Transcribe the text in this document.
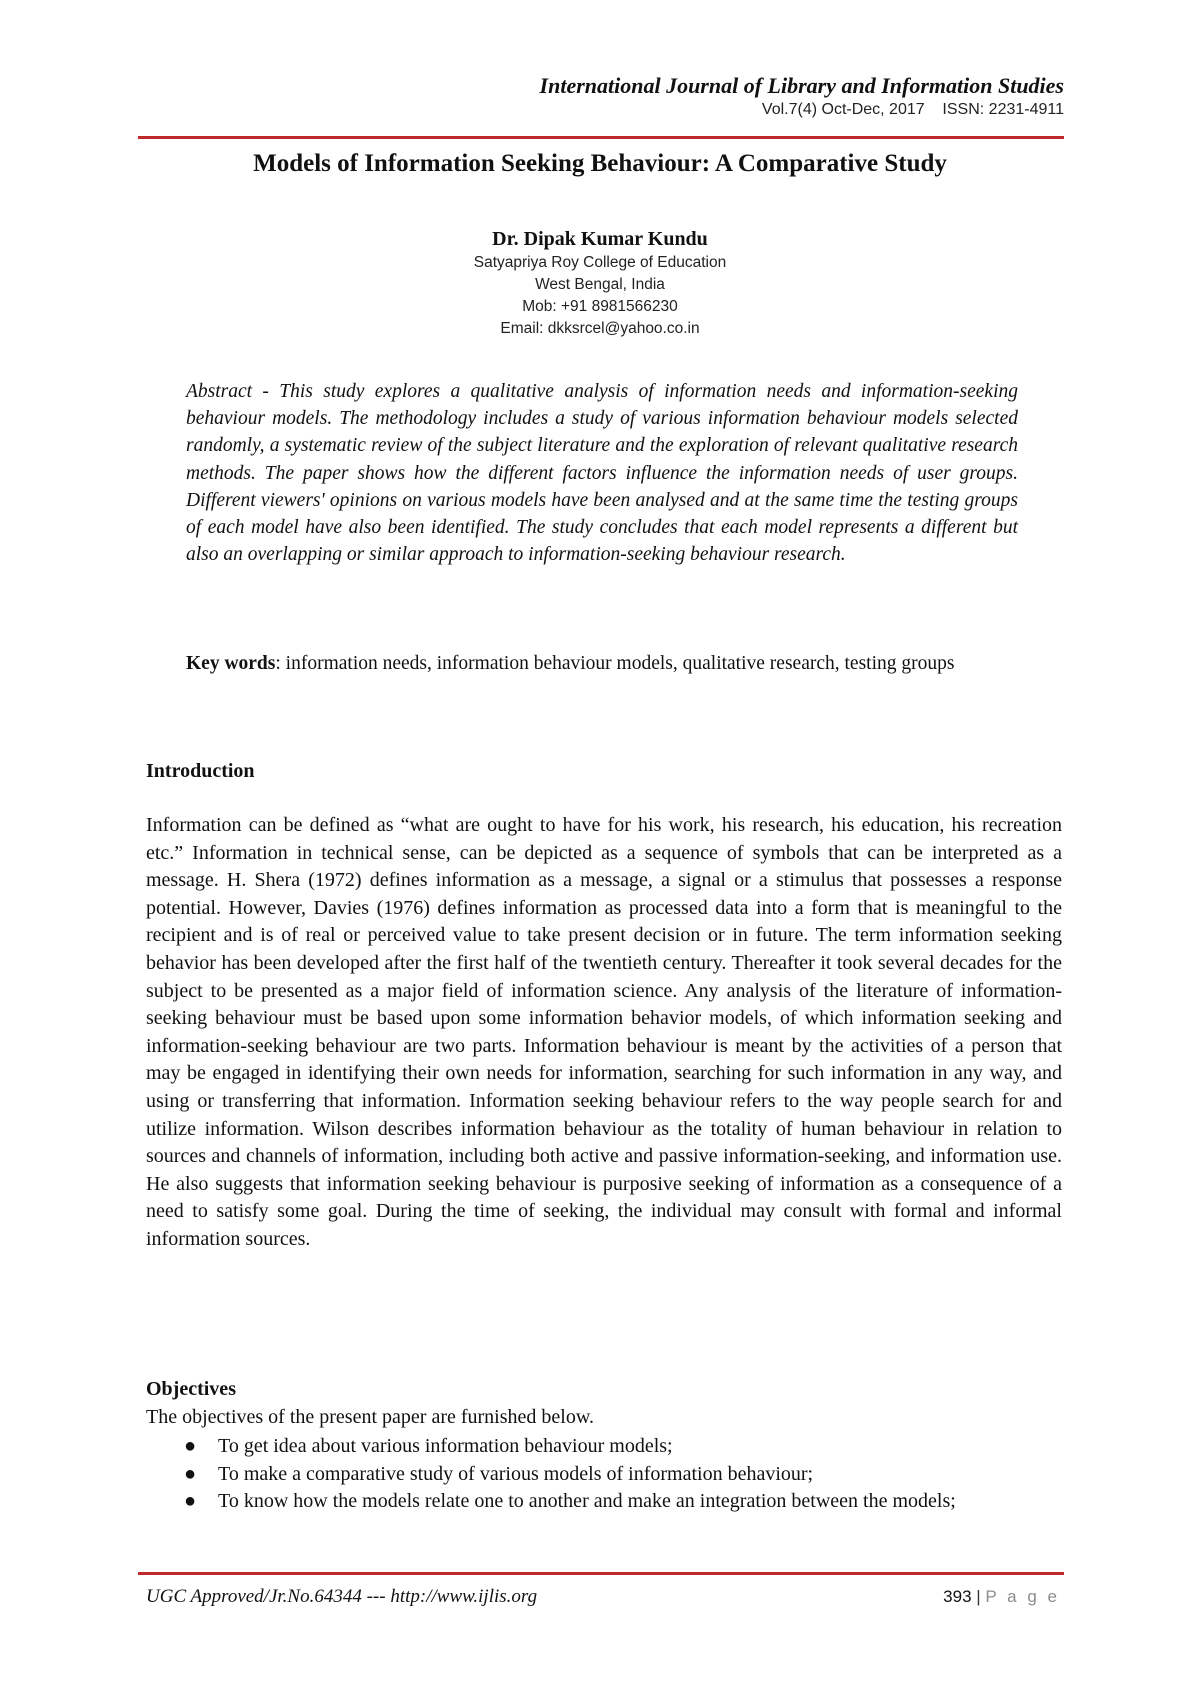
International Journal of Library and Information Studies
Vol.7(4) Oct-Dec, 2017    ISSN: 2231-4911
Models of Information Seeking Behaviour: A Comparative Study
Dr. Dipak Kumar Kundu
Satyapriya Roy College of Education
West Bengal, India
Mob: +91 8981566230
Email: dkksrcel@yahoo.co.in

Abstract - This study explores a qualitative analysis of information needs and information-seeking behaviour models. The methodology includes a study of various information behaviour models selected randomly, a systematic review of the subject literature and the exploration of relevant qualitative research methods. The paper shows how the different factors influence the information needs of user groups. Different viewers' opinions on various models have been analysed and at the same time the testing groups of each model have also been identified. The study concludes that each model represents a different but also an overlapping or similar approach to information-seeking behaviour research.

Key words: information needs, information behaviour models, qualitative research, testing groups

Introduction

Information can be defined as “what are ought to have for his work, his research, his education, his recreation etc.” Information in technical sense, can be depicted as a sequence of symbols that can be interpreted as a message. H. Shera (1972) defines information as a message, a signal or a stimulus that possesses a response potential. However, Davies (1976) defines information as processed data into a form that is meaningful to the recipient and is of real or perceived value to take present decision or in future. The term information seeking behavior has been developed after the first half of the twentieth century. Thereafter it took several decades for the subject to be presented as a major field of information science. Any analysis of the literature of information-seeking behaviour must be based upon some information behavior models, of which information seeking and information-seeking behaviour are two parts. Information behaviour is meant by the activities of a person that may be engaged in identifying their own needs for information, searching for such information in any way, and using or transferring that information. Information seeking behaviour refers to the way people search for and utilize information. Wilson describes information behaviour as the totality of human behaviour in relation to sources and channels of information, including both active and passive information-seeking, and information use. He also suggests that information seeking behaviour is purposive seeking of information as a consequence of a need to satisfy some goal. During the time of seeking, the individual may consult with formal and informal information sources.

Objectives

The objectives of the present paper are furnished below.

● To get idea about various information behaviour models;
● To make a comparative study of various models of information behaviour;
● To know how the models relate one to another and make an integration between the models;
UGC Approved/Jr.No.64344 --- http://www.ijlis.org	393 | P a g e
